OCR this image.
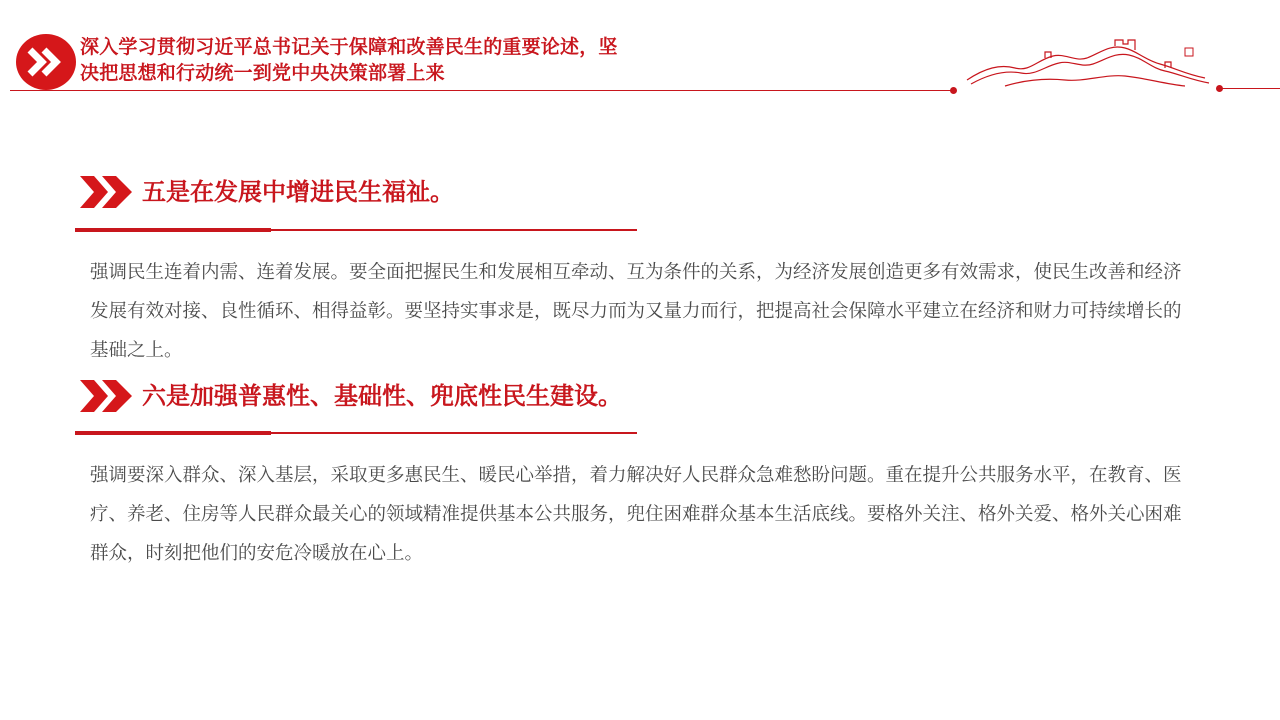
深入学习贯彻习近平总书记关于保障和改善民生的重要论述，坚
决把思想和行动统一到党中央决策部署上来
五是在发展中增进民生福祉。
强调民生连着内需、连着发展。要全面把握民生和发展相互牵动、互为条件的关系，为经济发展创造更多有效需求，使民生改善和经济发展有效对接、良性循环、相得益彰。要坚持实事求是，既尽力而为又量力而行，把提高社会保障水平建立在经济和财力可持续增长的基础之上。
六是加强普惠性、基础性、兜底性民生建设。
强调要深入群众、深入基层，采取更多惠民生、暖民心举措，着力解决好人民群众急难愁盼问题。重在提升公共服务水平，在教育、医疗、养老、住房等人民群众最关心的领域精准提供基本公共服务，兜住困难群众基本生活底线。要格外关注、格外关爱、格外关心困难群众，时刻把他们的安危冷暖放在心上。
